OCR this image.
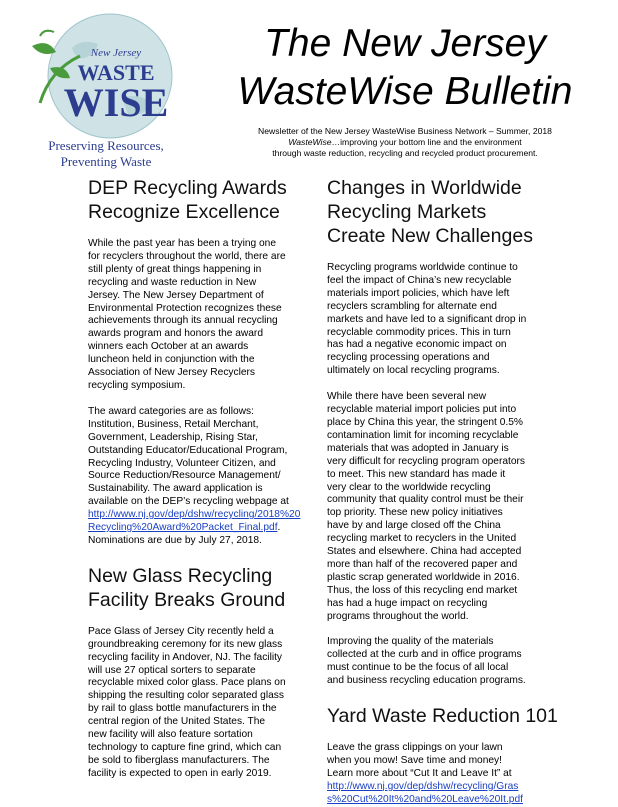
New Jersey
WASTE
WISE
Preserving Resources,
Preventing Waste
The New Jersey
WasteWise Bulletin
Newsletter of the New Jersey WasteWise Business Network – Summer, 2018
WasteWise…improving your bottom line and the environment
through waste reduction, recycling and recycled product procurement.
DEP Recycling Awards
Recognize Excellence

While the past year has been a trying one
for recyclers throughout the world, there are
still plenty of great things happening in
recycling and waste reduction in New
Jersey. The New Jersey Department of
Environmental Protection recognizes these
achievements through its annual recycling
awards program and honors the award
winners each October at an awards
luncheon held in conjunction with the
Association of New Jersey Recyclers
recycling symposium.

The award categories are as follows:
Institution, Business, Retail Merchant,
Government, Leadership, Rising Star,
Outstanding Educator/Educational Program,
Recycling Industry, Volunteer Citizen, and
Source Reduction/Resource Management/
Sustainability. The award application is
available on the DEP’s recycling webpage at
http://www.nj.gov/dep/dshw/recycling/2018%20
Recycling%20Award%20Packet_Final.pdf.
Nominations are due by July 27, 2018.

New Glass Recycling
Facility Breaks Ground

Pace Glass of Jersey City recently held a
groundbreaking ceremony for its new glass
recycling facility in Andover, NJ. The facility
will use 27 optical sorters to separate
recyclable mixed color glass. Pace plans on
shipping the resulting color separated glass
by rail to glass bottle manufacturers in the
central region of the United States. The
new facility will also feature sortation
technology to capture fine grind, which can
be sold to fiberglass manufacturers. The
facility is expected to open in early 2019.

Changes in Worldwide
Recycling Markets
Create New Challenges

Recycling programs worldwide continue to
feel the impact of China’s new recyclable
materials import policies, which have left
recyclers scrambling for alternate end
markets and have led to a significant drop in
recyclable commodity prices. This in turn
has had a negative economic impact on
recycling processing operations and
ultimately on local recycling programs.

While there have been several new
recyclable material import policies put into
place by China this year, the stringent 0.5%
contamination limit for incoming recyclable
materials that was adopted in January is
very difficult for recycling program operators
to meet. This new standard has made it
very clear to the worldwide recycling
community that quality control must be their
top priority. These new policy initiatives
have by and large closed off the China
recycling market to recyclers in the United
States and elsewhere. China had accepted
more than half of the recovered paper and
plastic scrap generated worldwide in 2016.
Thus, the loss of this recycling end market
has had a huge impact on recycling
programs throughout the world.

Improving the quality of the materials
collected at the curb and in office programs
must continue to be the focus of all local
and business recycling education programs.

Yard Waste Reduction 101

Leave the grass clippings on your lawn
when you mow! Save time and money!
Learn more about “Cut It and Leave It” at
http://www.nj.gov/dep/dshw/recycling/Gras
s%20Cut%20It%20and%20Leave%20It.pdf
